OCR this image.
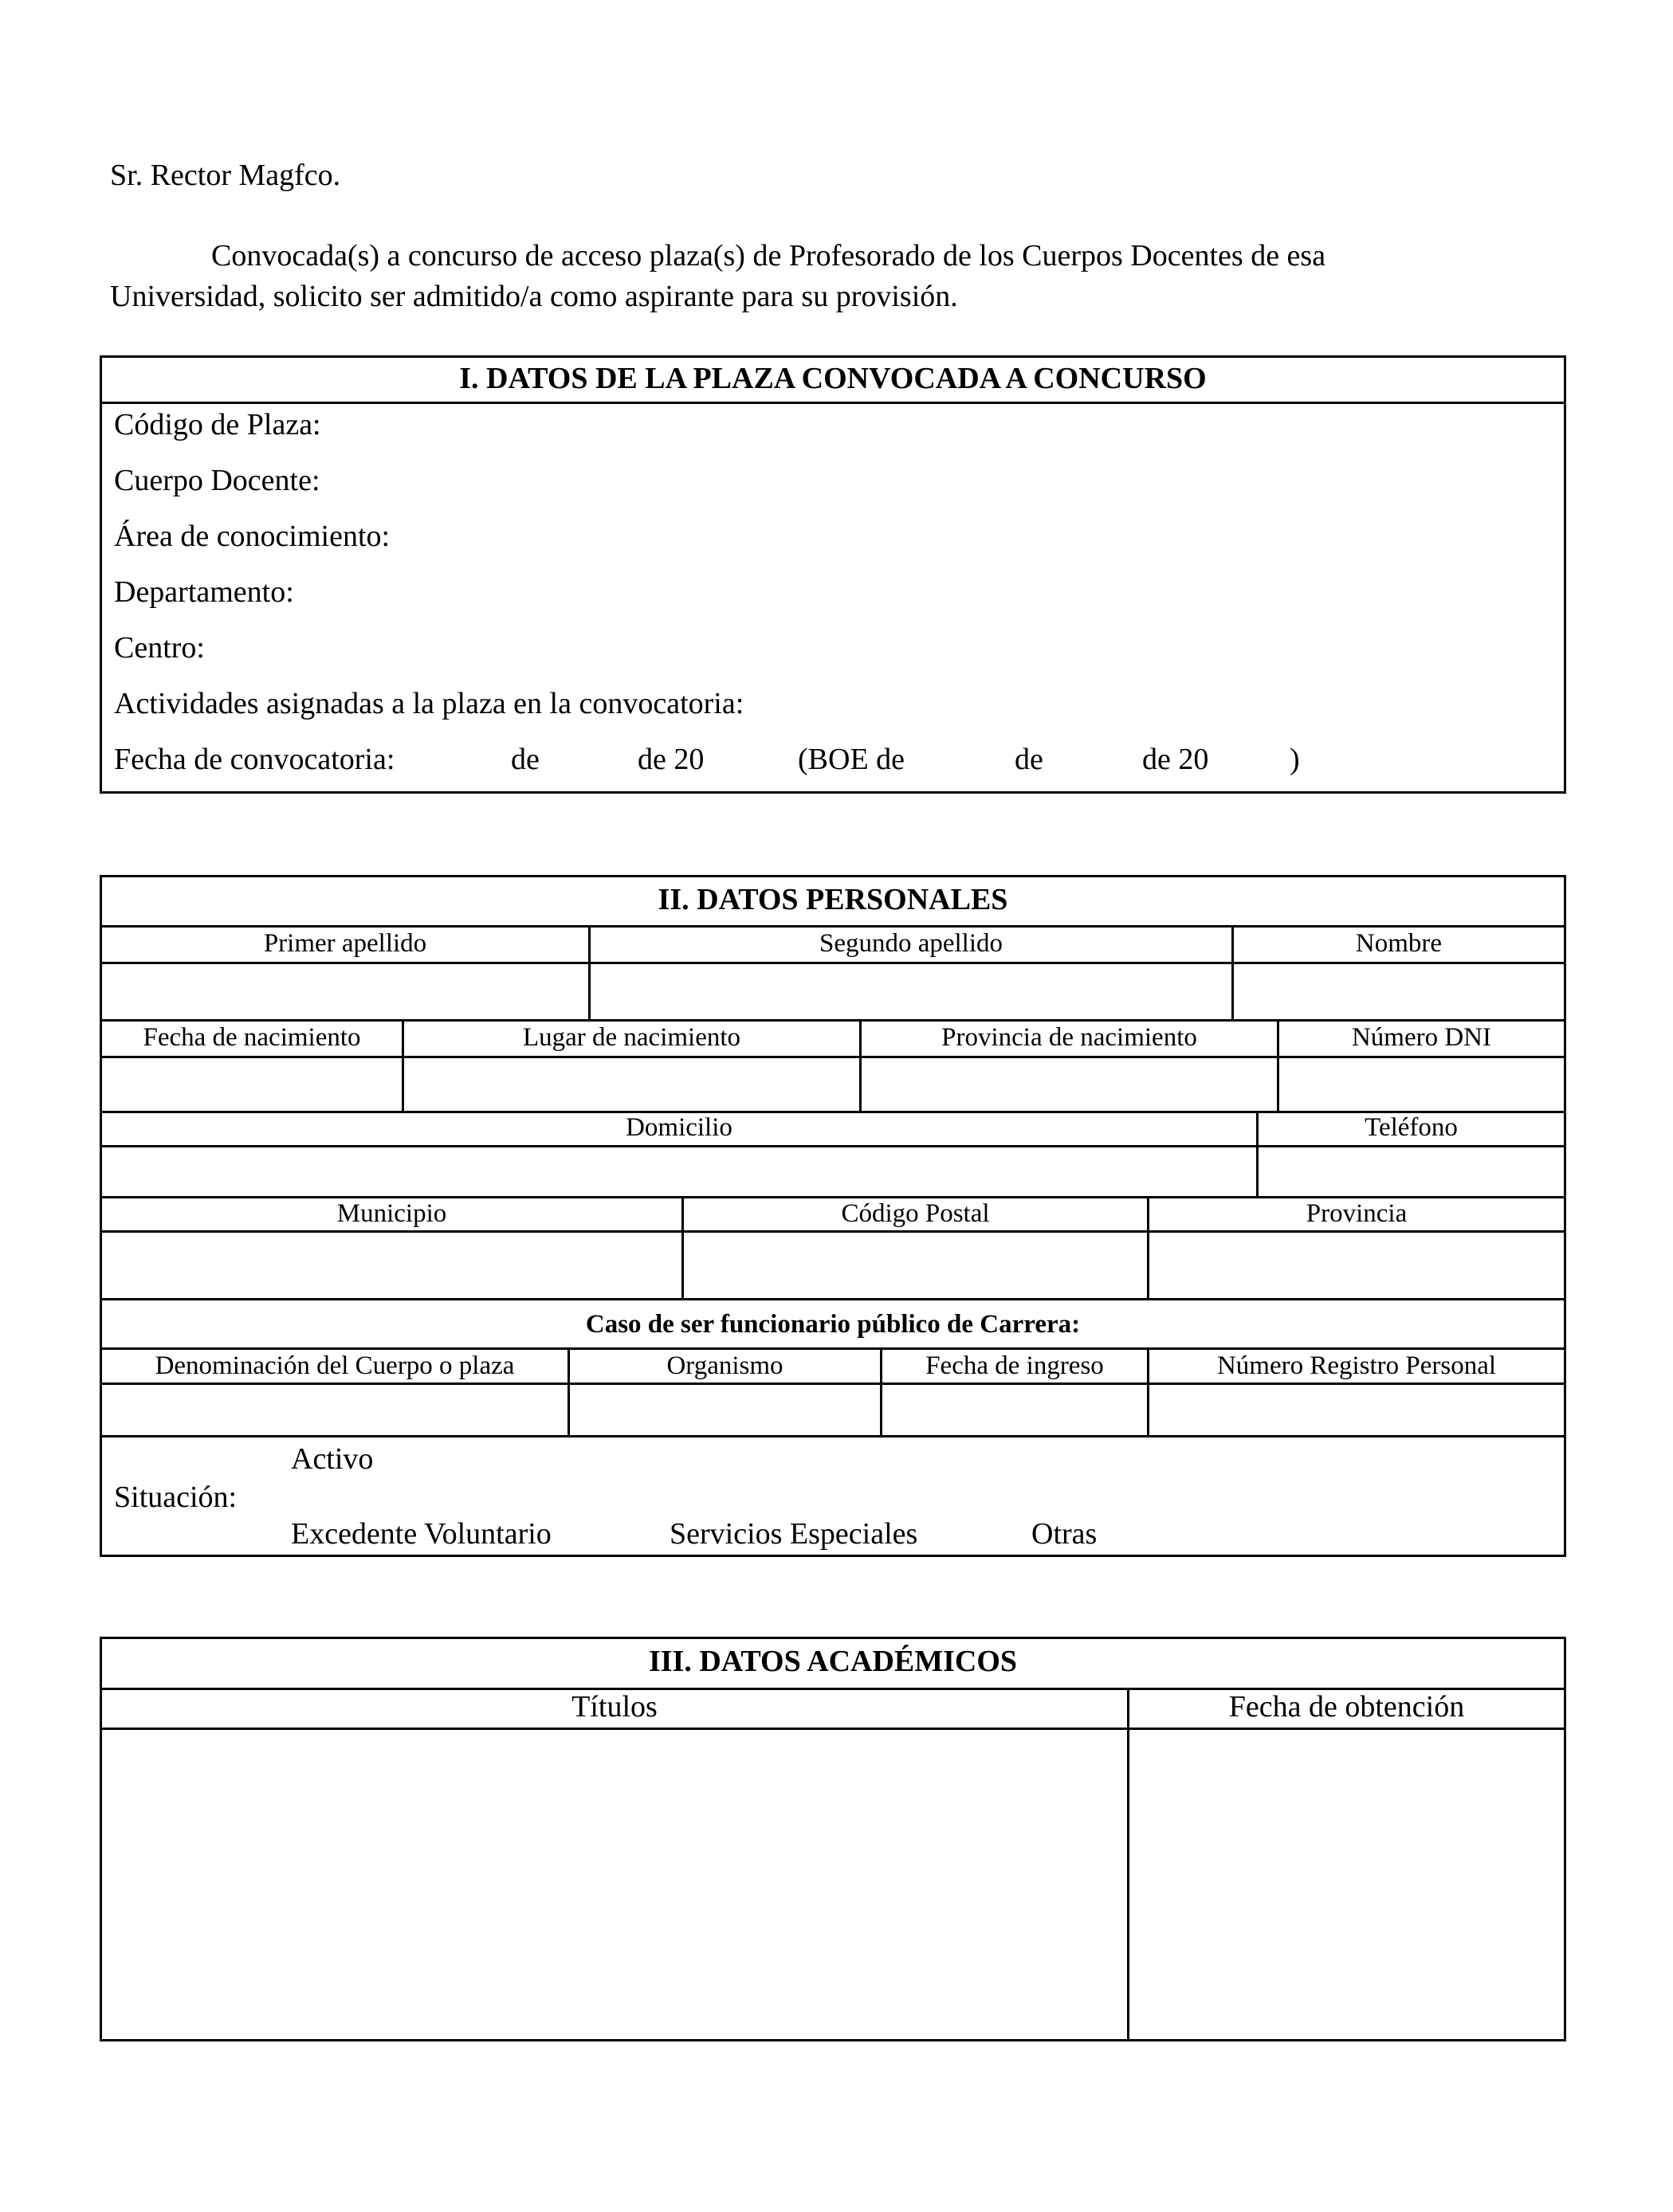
Sr. Rector Magfco.
Convocada(s) a concurso de acceso plaza(s) de Profesorado de los Cuerpos Docentes de esa
Universidad, solicito ser admitido/a como aspirante para su provisión.
I. DATOS DE LA PLAZA CONVOCADA A CONCURSO
Código de Plaza:
Cuerpo Docente:
Área de conocimiento:
Departamento:
Centro:
Actividades asignadas a la plaza en la convocatoria:
Fecha de convocatoria:	de	de 20	(BOE de	de	de 20	)
II. DATOS PERSONALES
Primer apellido	Segundo apellido	Nombre
Fecha de nacimiento	Lugar de nacimiento	Provincia de nacimiento	Número DNI
Domicilio	Teléfono
Municipio	Código Postal	Provincia
Caso de ser funcionario público de Carrera:
Denominación del Cuerpo o plaza	Organismo	Fecha de ingreso	Número Registro Personal
Activo
Situación:
Excedente Voluntario	Servicios Especiales	Otras
III. DATOS ACADÉMICOS
Títulos	Fecha de obtención
